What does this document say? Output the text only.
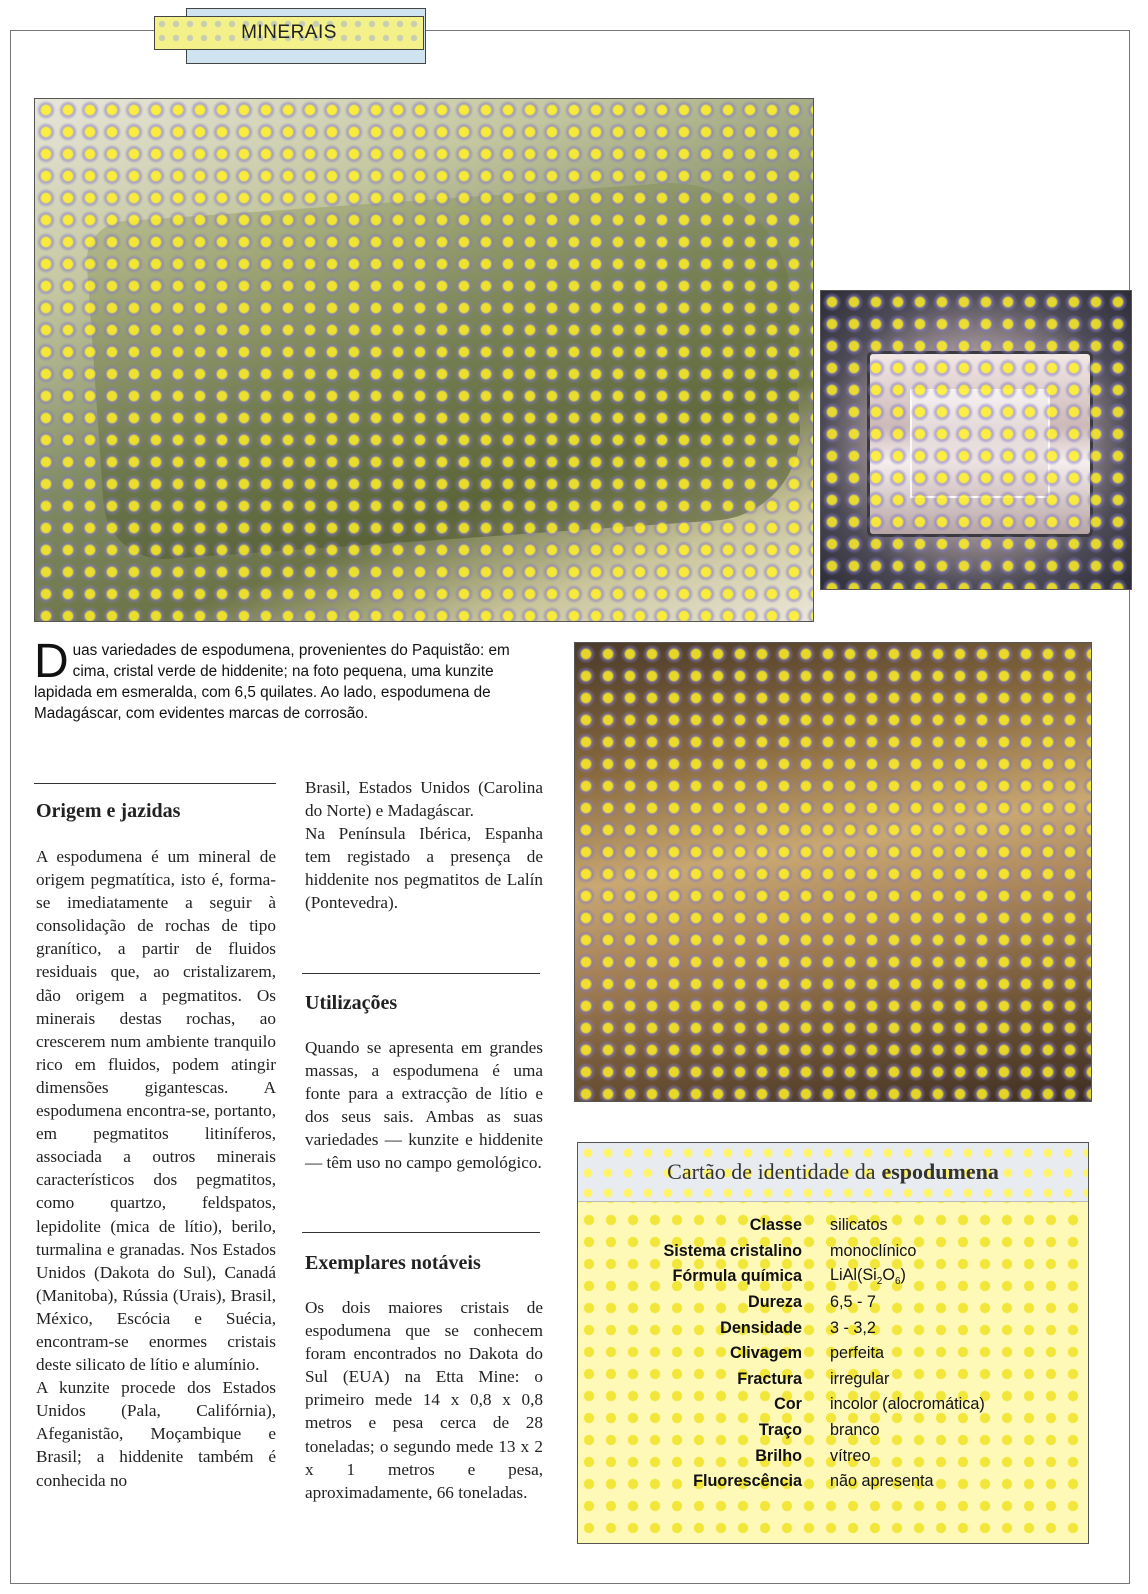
MINERAIS
Duas variedades de espodumena, provenientes do Paquistão: em cima, cristal verde de hiddenite; na foto pequena, uma kunzite lapidada em esmeralda, com 6,5 quilates. Ao lado, espodumena de Madagáscar, com evidentes marcas de corrosão.
Origem e jazidas

A espodumena é um mineral de origem pegmatítica, isto é, forma-se imediatamente a seguir à consolidação de rochas de tipo granítico, a partir de fluidos residuais que, ao cristalizarem, dão origem a pegmatitos. Os minerais destas rochas, ao crescerem num ambiente tranquilo rico em fluidos, podem atingir dimensões gigantescas. A espodumena encontra-se, portanto, em pegmatitos litiníferos, associada a outros minerais característicos dos pegmatitos, como quartzo, feldspatos, lepidolite (mica de lítio), berilo, turmalina e granadas. Nos Estados Unidos (Dakota do Sul), Canadá (Manitoba), Rússia (Urais), Brasil, México, Escócia e Suécia, encontram-se enormes cristais deste silicato de lítio e alumínio.

A kunzite procede dos Estados Unidos (Pala, Califórnia), Afeganistão, Moçambique e Brasil; a hiddenite também é conhecida no

Brasil, Estados Unidos (Carolina do Norte) e Madagáscar.

Na Península Ibérica, Espanha tem registado a presença de hiddenite nos pegmatitos de Lalín (Pontevedra).

Utilizações

Quando se apresenta em grandes massas, a espodumena é uma fonte para a extracção de lítio e dos seus sais. Ambas as suas variedades — kunzite e hiddenite — têm uso no campo gemológico.

Exemplares notáveis

Os dois maiores cristais de espodumena que se conhecem foram encontrados no Dakota do Sul (EUA) na Etta Mine: o primeiro mede 14 x 0,8 x 0,8 metros e pesa cerca de 28 toneladas; o segundo mede 13 x 2 x 1 metros e pesa, aproximadamente, 66 toneladas.

Cartão de identidade da espodumena
Classe	silicatos
Sistema cristalino	monoclínico
Fórmula química	$LiAl(Si_2O_6)$
Dureza	6,5 - 7
Densidade	3 - 3,2
Clivagem	perfeita
Fractura	irregular
Cor	incolor (alocromática)
Traço	branco
Brilho	vítreo
Fluorescência	não apresenta
